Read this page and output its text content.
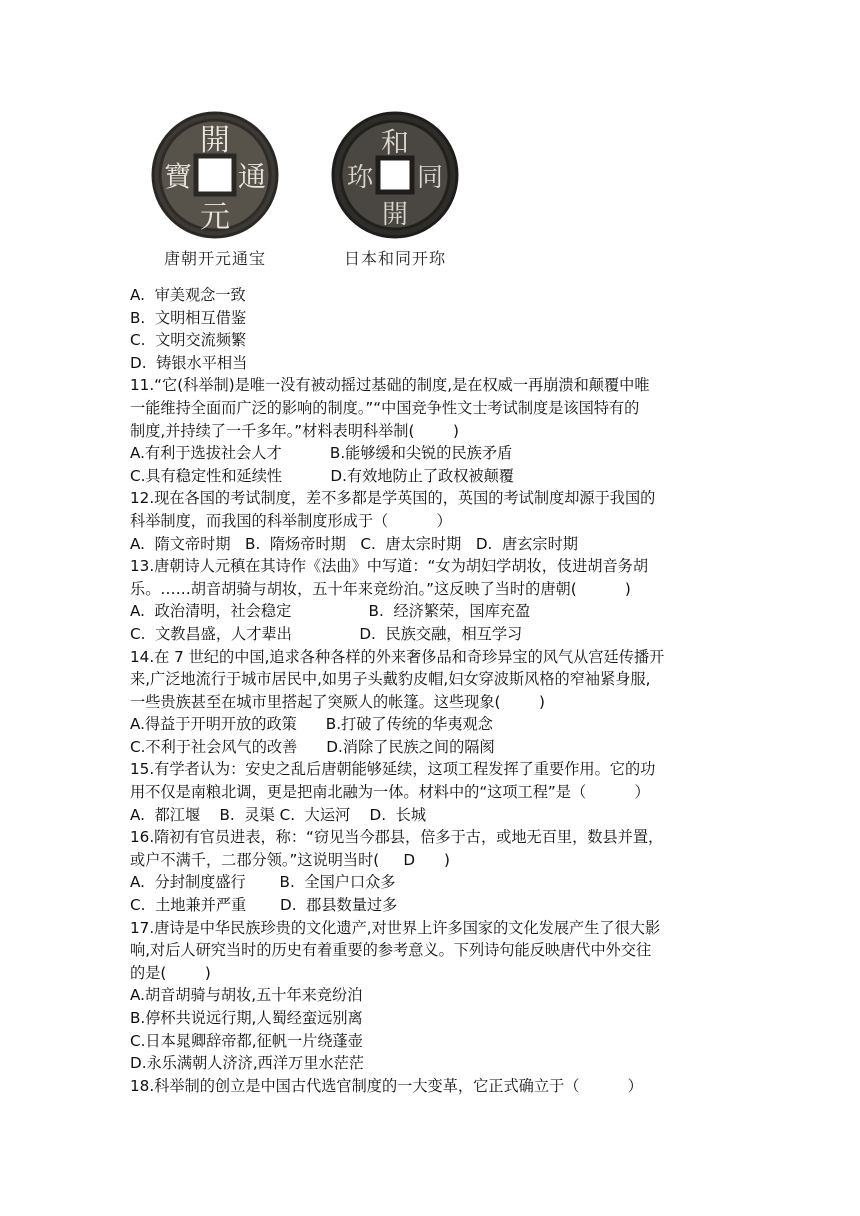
開
通
元
寶
唐朝开元通宝
和
同
開
珎
日本和同开珎
A.  审美观念一致
B.  文明相互借鉴
C.  文明交流频繁
D.  铸银水平相当
11.“它(科举制)是唯一没有被动摇过基础的制度,是在权威一再崩溃和颠覆中唯
一能维持全面而广泛的影响的制度。”“中国竞争性文士考试制度是该国特有的
制度,并持续了一千多年。”材料表明科举制(        )
A.有利于选拔社会人才          B.能够缓和尖锐的民族矛盾
C.具有稳定性和延续性          D.有效地防止了政权被颠覆
12.现在各国的考试制度，差不多都是学英国的，英国的考试制度却源于我国的
科举制度，而我国的科举制度形成于（          ）
A.  隋文帝时期   B.  隋炀帝时期   C.  唐太宗时期   D.  唐玄宗时期
13.唐朝诗人元稹在其诗作《法曲》中写道：“女为胡妇学胡妆，伎进胡音务胡
乐。……胡音胡骑与胡妆，五十年来竞纷泊。”这反映了当时的唐朝(          )
A.  政治清明，社会稳定                B.  经济繁荣，国库充盈
C.  文教昌盛，人才辈出              D.  民族交融，相互学习
14.在 7 世纪的中国,追求各种各样的外来奢侈品和奇珍异宝的风气从宫廷传播开
来,广泛地流行于城市居民中,如男子头戴豹皮帽,妇女穿波斯风格的窄袖紧身服,
一些贵族甚至在城市里搭起了突厥人的帐篷。这些现象(        )
A.得益于开明开放的政策      B.打破了传统的华夷观念
C.不利于社会风气的改善      D.消除了民族之间的隔阂
15.有学者认为：安史之乱后唐朝能够延续，这项工程发挥了重要作用。它的功
用不仅是南粮北调，更是把南北融为一体。材料中的“这项工程”是（          ）
A.  都江堰    B.  灵渠 C.  大运河    D.  长城
16.隋初有官员进表，称：“窃见当今郡县，倍多于古，或地无百里，数县并置，
或户不满千，二郡分领。”这说明当时(     D      )
A.  分封制度盛行       B.  全国户口众多
C.  土地兼并严重       D.  郡县数量过多
17.唐诗是中华民族珍贵的文化遗产,对世界上许多国家的文化发展产生了很大影
响,对后人研究当时的历史有着重要的参考意义。下列诗句能反映唐代中外交往
的是(        )
A.胡音胡骑与胡妆,五十年来竞纷泊
B.停杯共说远行期,人蜀经蛮远别离
C.日本晁卿辞帝都,征帆一片绕蓬壶
D.永乐满朝人济济,西洋万里水茫茫
18.科举制的创立是中国古代选官制度的一大变革，它正式确立于（          ）
